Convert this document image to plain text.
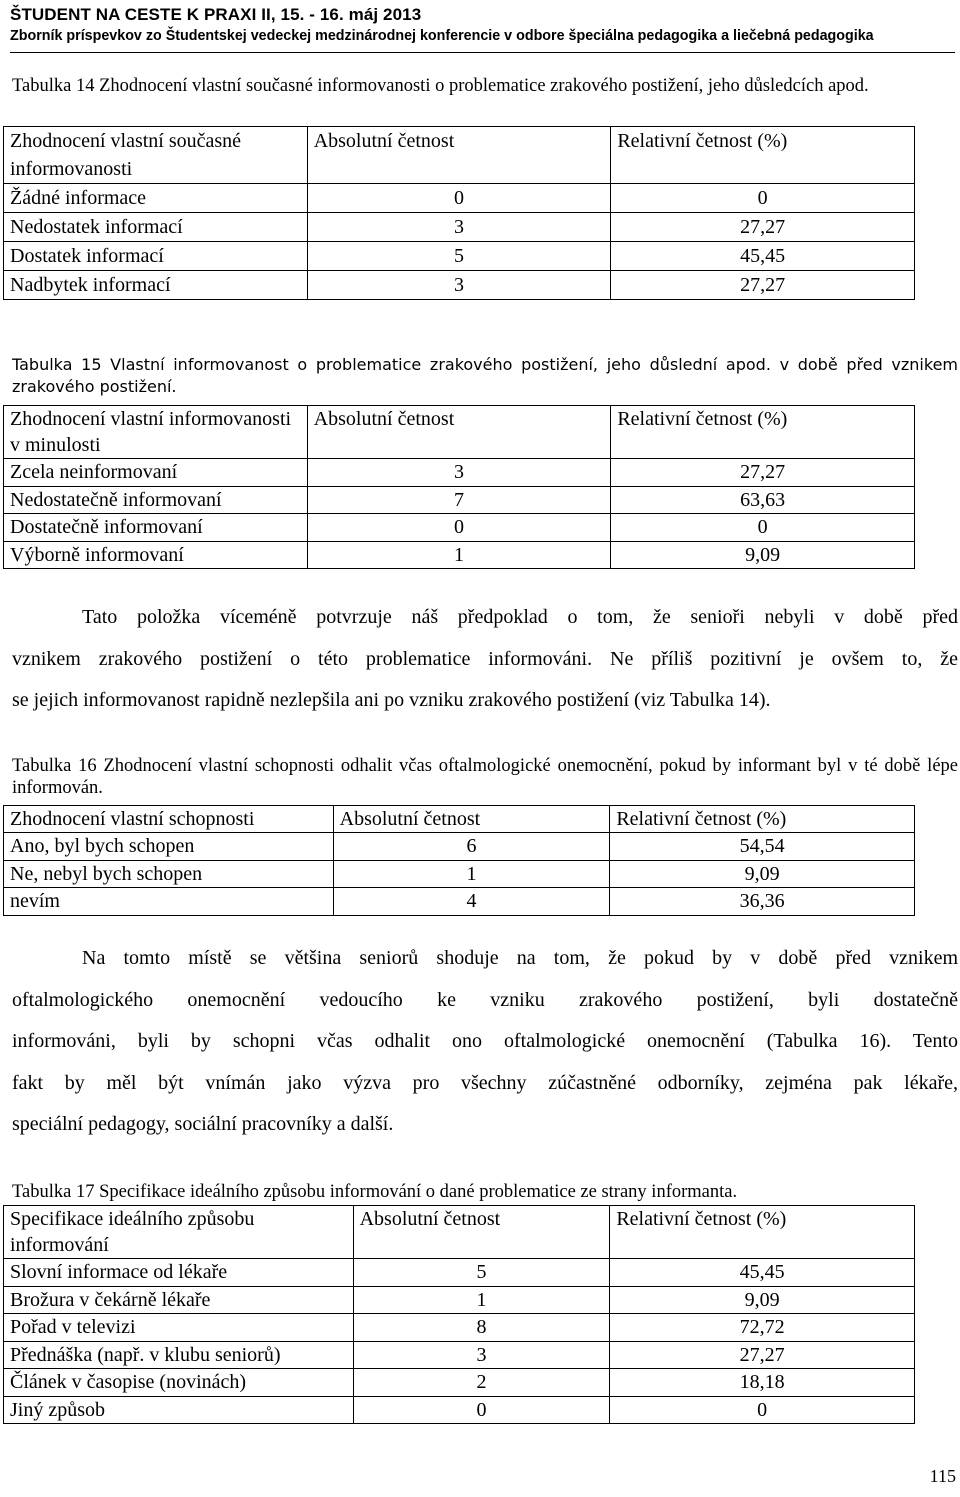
ŠTUDENT NA CESTE K PRAXI II, 15. - 16. máj 2013
Zborník príspevkov zo Študentskej vedeckej medzinárodnej konferencie v odbore špeciálna pedagogika a liečebná pedagogika
Tabulka 14 Zhodnocení vlastní současné informovanosti o problematice zrakového postižení, jeho důsledcích apod.
Zhodnocení vlastní současné informovanosti	Absolutní četnost	Relativní četnost (%)
Žádné informace	0	0
Nedostatek informací	3	27,27
Dostatek informací	5	45,45
Nadbytek informací	3	27,27
Tabulka 15 Vlastní informovanost o problematice zrakového postižení, jeho důslední apod. v době před vznikem zrakového postižení.
Zhodnocení vlastní informovanosti v minulosti	Absolutní četnost	Relativní četnost (%)
Zcela neinformovaní	3	27,27
Nedostatečně informovaní	7	63,63
Dostatečně informovaní	0	0
Výborně informovaní	1	9,09
Tato položka víceméně potvrzuje náš předpoklad o tom, že senioři nebyli v době před
vznikem zrakového postižení o této problematice informováni. Ne příliš pozitivní je ovšem to, že
se jejich informovanost rapidně nezlepšila ani po vzniku zrakového postižení (viz Tabulka 14).
Tabulka 16 Zhodnocení vlastní schopnosti odhalit včas oftalmologické onemocnění, pokud by informant byl v té době lépe informován.
Zhodnocení vlastní schopnosti	Absolutní četnost	Relativní četnost (%)
Ano, byl bych schopen	6	54,54
Ne, nebyl bych schopen	1	9,09
nevím	4	36,36
Na tomto místě se většina seniorů shoduje na tom, že pokud by v době před vznikem
oftalmologického onemocnění vedoucího ke vzniku zrakového postižení, byli dostatečně
informováni, byli by schopni včas odhalit ono oftalmologické onemocnění (Tabulka 16). Tento
fakt by měl být vnímán jako výzva pro všechny zúčastněné odborníky, zejména pak lékaře,
speciální pedagogy, sociální pracovníky a další.
Tabulka 17 Specifikace ideálního způsobu informování o dané problematice ze strany informanta.
Specifikace ideálního způsobu informování	Absolutní četnost	Relativní četnost (%)
Slovní informace od lékaře	5	45,45
Brožura v čekárně lékaře	1	9,09
Pořad v televizi	8	72,72
Přednáška (např. v klubu seniorů)	3	27,27
Článek v časopise (novinách)	2	18,18
Jiný způsob	0	0
115
